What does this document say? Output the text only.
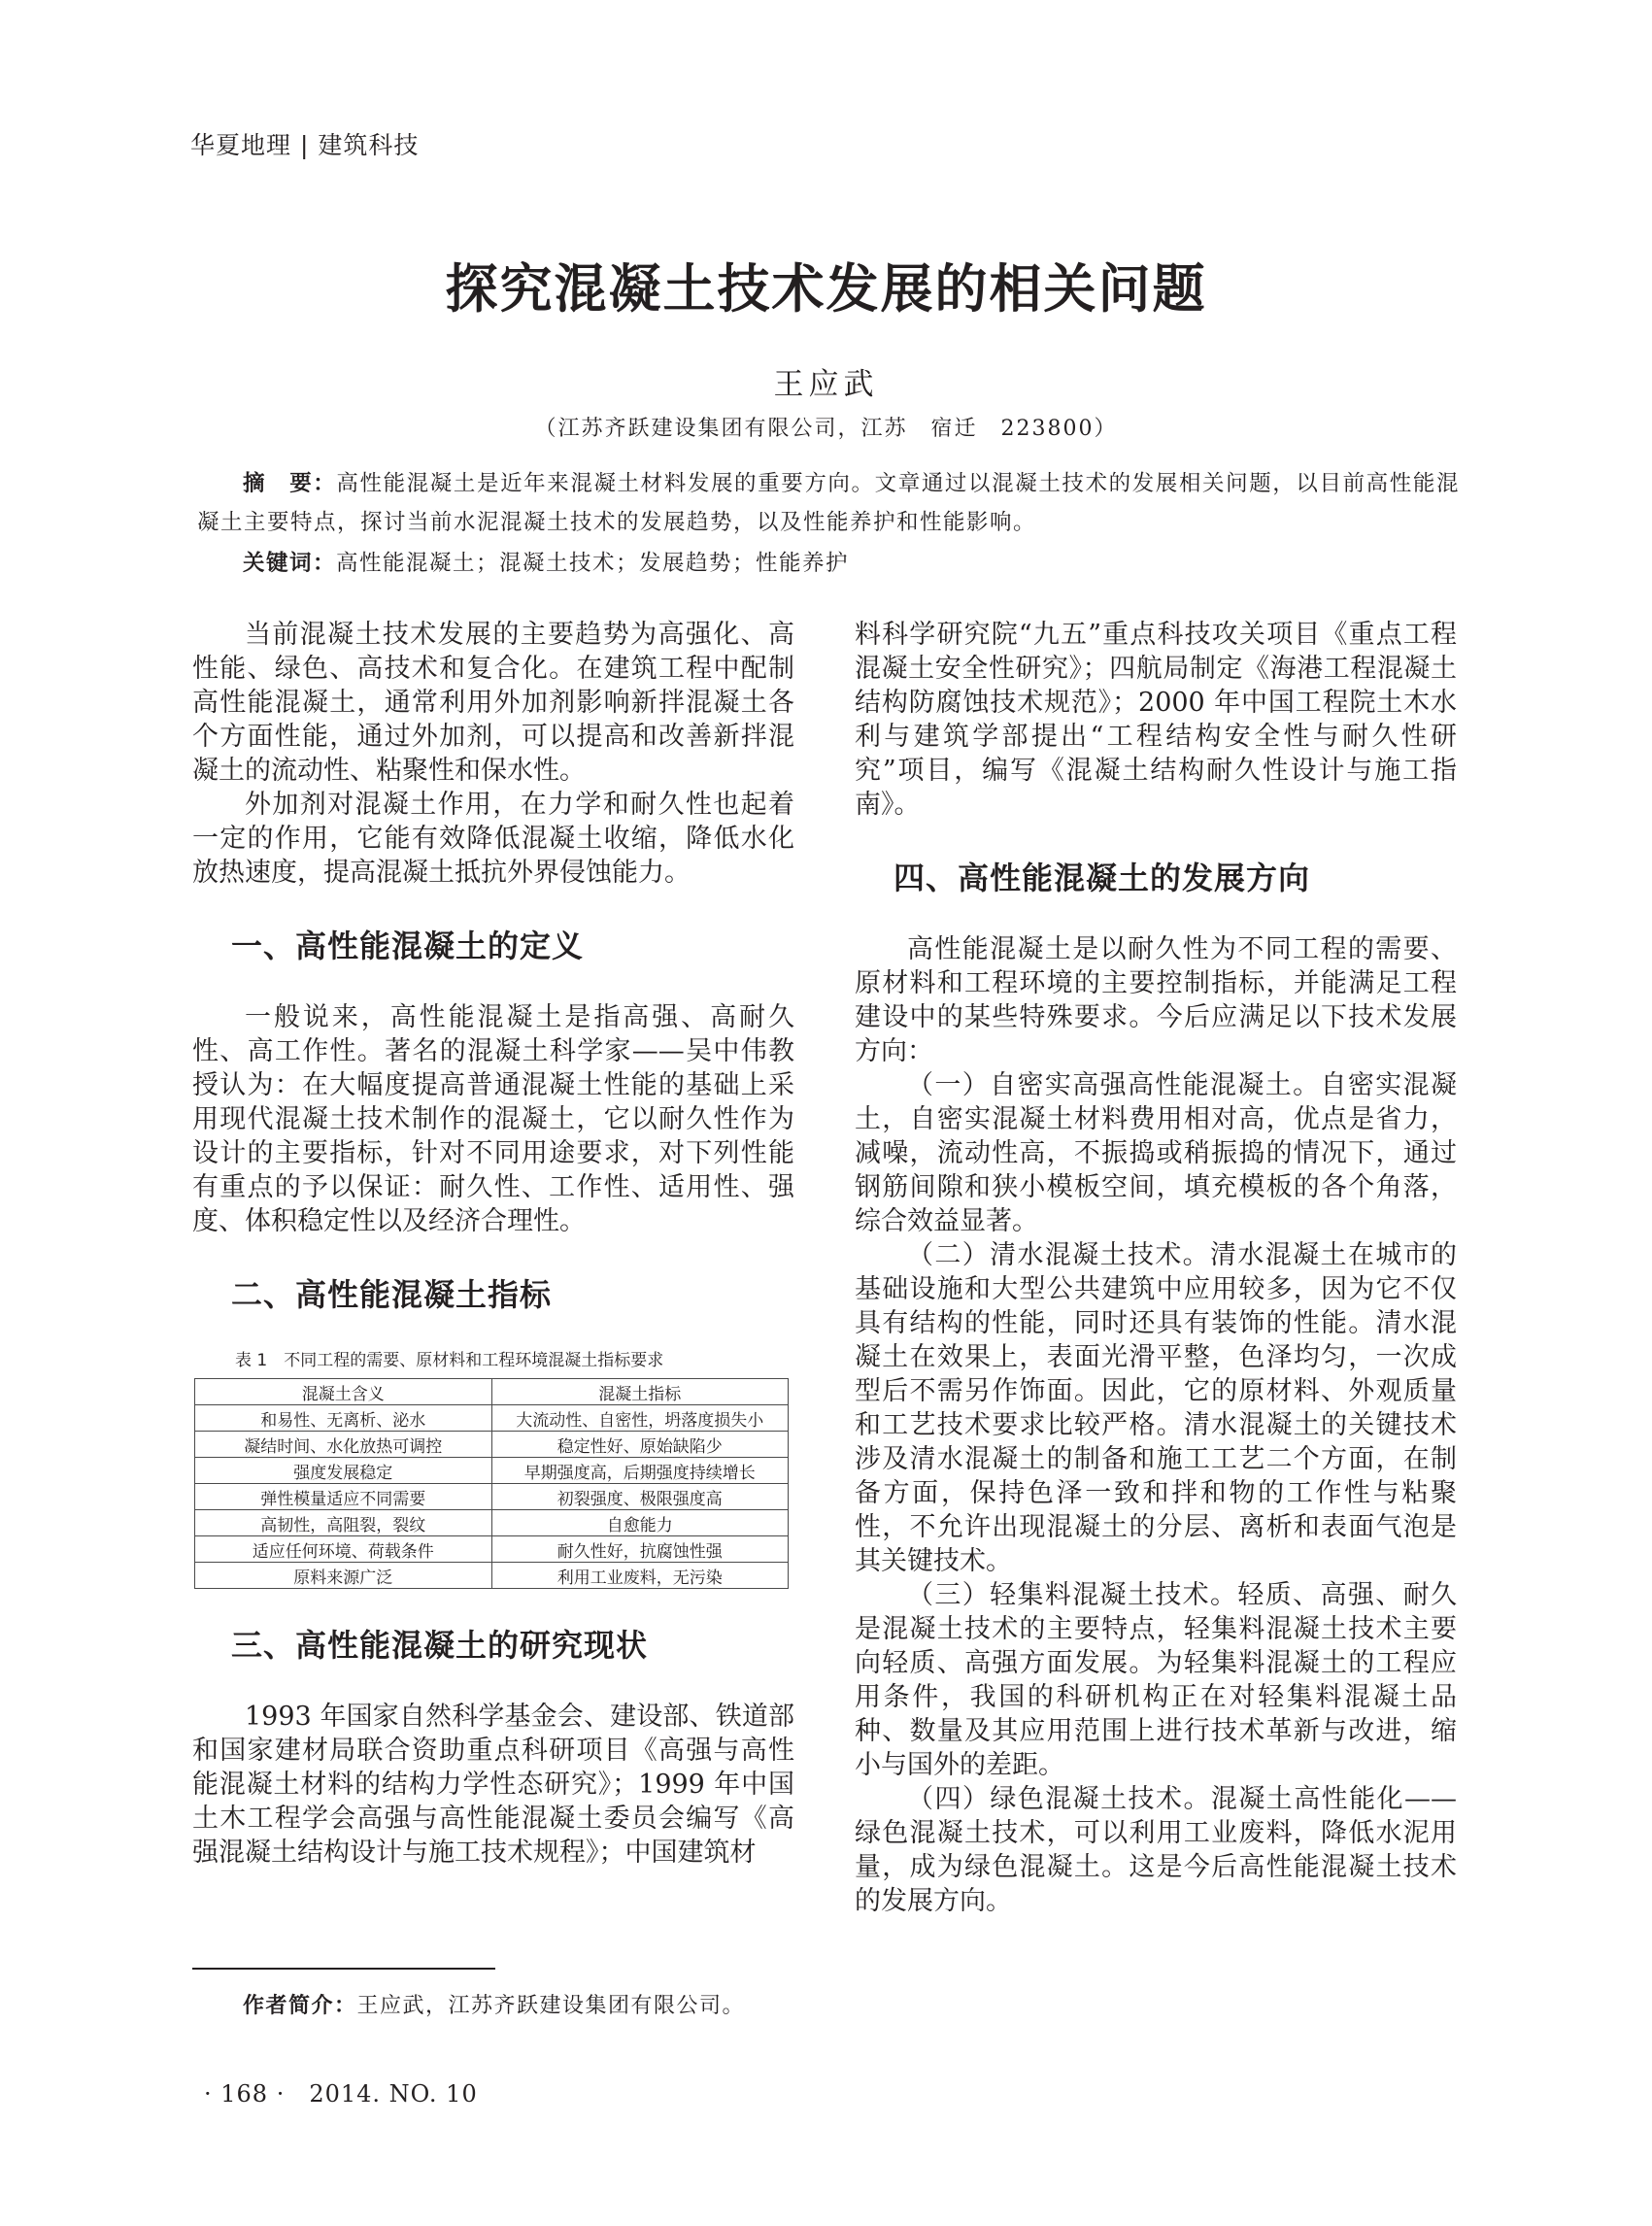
华夏地理 | 建筑科技
探究混凝土技术发展的相关问题
王应武
（江苏齐跃建设集团有限公司，江苏　宿迁　223800）
摘　要：高性能混凝土是近年来混凝土材料发展的重要方向。文章通过以混凝土技术的发展相关问题，以目前高性能混凝土主要特点，探讨当前水泥混凝土技术的发展趋势，以及性能养护和性能影响。
关键词：高性能混凝土；混凝土技术；发展趋势；性能养护

当前混凝土技术发展的主要趋势为高强化、高性能、绿色、高技术和复合化。在建筑工程中配制高性能混凝土，通常利用外加剂影响新拌混凝土各个方面性能，通过外加剂，可以提高和改善新拌混凝土的流动性、粘聚性和保水性。

外加剂对混凝土作用，在力学和耐久性也起着一定的作用，它能有效降低混凝土收缩，降低水化放热速度，提高混凝土抵抗外界侵蚀能力。

一、高性能混凝土的定义

一般说来，高性能混凝土是指高强、高耐久性、高工作性。著名的混凝土科学家——吴中伟教授认为：在大幅度提高普通混凝土性能的基础上采用现代混凝土技术制作的混凝土，它以耐久性作为设计的主要指标，针对不同用途要求，对下列性能有重点的予以保证：耐久性、工作性、适用性、强度、体积稳定性以及经济合理性。

二、高性能混凝土指标
表 1　不同工程的需要、原材料和工程环境混凝土指标要求
混凝土含义	混凝土指标
和易性、无离析、泌水	大流动性、自密性，坍落度损失小
凝结时间、水化放热可调控	稳定性好、原始缺陷少
强度发展稳定	早期强度高，后期强度持续增长
弹性模量适应不同需要	初裂强度、极限强度高
高韧性，高阻裂，裂纹	自愈能力
适应任何环境、荷载条件	耐久性好，抗腐蚀性强
原料来源广泛	利用工业废料，无污染
三、高性能混凝土的研究现状

1993 年国家自然科学基金会、建设部、铁道部和国家建材局联合资助重点科研项目《高强与高性能混凝土材料的结构力学性态研究》；1999 年中国土木工程学会高强与高性能混凝土委员会编写《高强混凝土结构设计与施工技术规程》；中国建筑材

料科学研究院“九五”重点科技攻关项目《重点工程混凝土安全性研究》；四航局制定《海港工程混凝土结构防腐蚀技术规范》；2000 年中国工程院土木水利与建筑学部提出“工程结构安全性与耐久性研究”项目，编写《混凝土结构耐久性设计与施工指南》。

四、高性能混凝土的发展方向

高性能混凝土是以耐久性为不同工程的需要、原材料和工程环境的主要控制指标，并能满足工程建设中的某些特殊要求。今后应满足以下技术发展方向：

（一）自密实高强高性能混凝土。自密实混凝土，自密实混凝土材料费用相对高，优点是省力，减噪，流动性高，不振捣或稍振捣的情况下，通过钢筋间隙和狭小模板空间，填充模板的各个角落，综合效益显著。

（二）清水混凝土技术。清水混凝土在城市的基础设施和大型公共建筑中应用较多，因为它不仅具有结构的性能，同时还具有装饰的性能。清水混凝土在效果上，表面光滑平整，色泽均匀，一次成型后不需另作饰面。因此，它的原材料、外观质量和工艺技术要求比较严格。清水混凝土的关键技术涉及清水混凝土的制备和施工工艺二个方面，在制备方面，保持色泽一致和拌和物的工作性与粘聚性，不允许出现混凝土的分层、离析和表面气泡是其关键技术。

（三）轻集料混凝土技术。轻质、高强、耐久是混凝土技术的主要特点，轻集料混凝土技术主要向轻质、高强方面发展。为轻集料混凝土的工程应用条件，我国的科研机构正在对轻集料混凝土品种、数量及其应用范围上进行技术革新与改进，缩小与国外的差距。

（四）绿色混凝土技术。混凝土高性能化——绿色混凝土技术，可以利用工业废料，降低水泥用量，成为绿色混凝土。这是今后高性能混凝土技术的发展方向。

作者简介：王应武，江苏齐跃建设集团有限公司。
· 168 ·　2014. NO. 10
